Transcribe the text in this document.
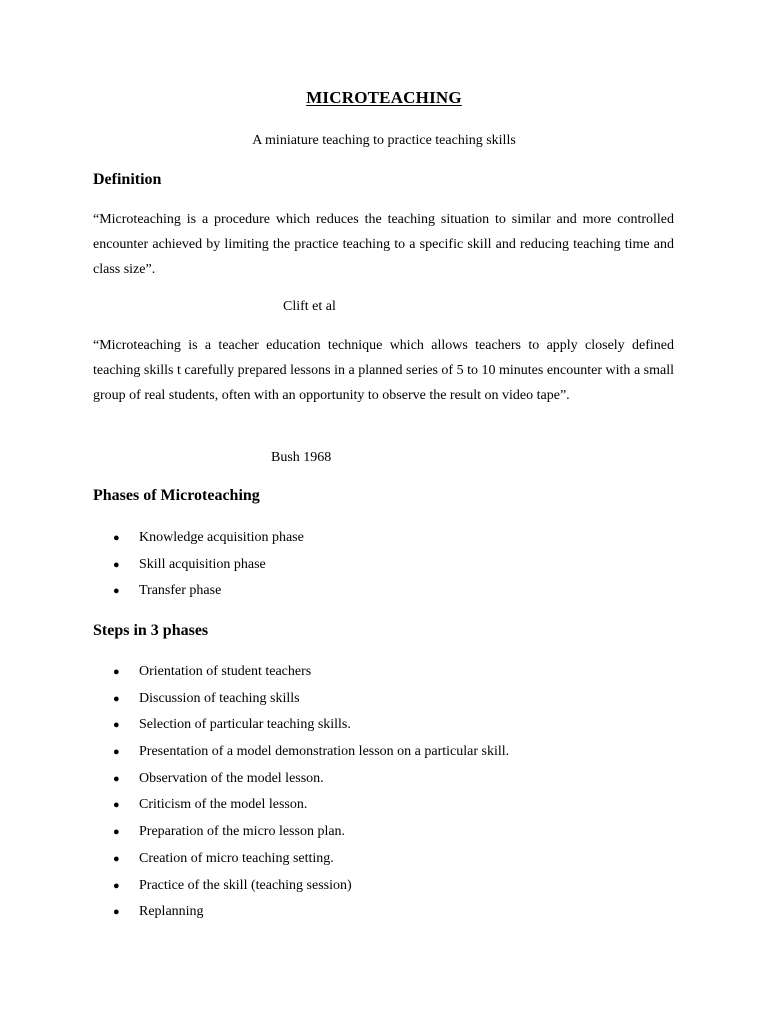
MICROTEACHING
A miniature teaching to practice teaching skills
Definition
“Microteaching is a procedure which reduces the teaching situation to similar and more controlled encounter achieved by limiting the practice teaching to a specific skill and reducing teaching time and class size”.
Clift et al
“Microteaching is a teacher education technique which allows teachers to apply closely defined teaching skills t carefully prepared lessons in a planned series of 5 to 10 minutes encounter with a small group of real students, often with an opportunity to observe the result on video tape”.
Bush 1968
Phases of Microteaching
● Knowledge acquisition phase
● Skill acquisition phase
● Transfer phase
Steps in 3 phases
● Orientation of student teachers
● Discussion of teaching skills
● Selection of particular teaching skills.
● Presentation of a model demonstration lesson on a particular skill.
● Observation of the model lesson.
● Criticism of the model lesson.
● Preparation of the micro lesson plan.
● Creation of micro teaching setting.
● Practice of the skill (teaching session)
● Replanning
